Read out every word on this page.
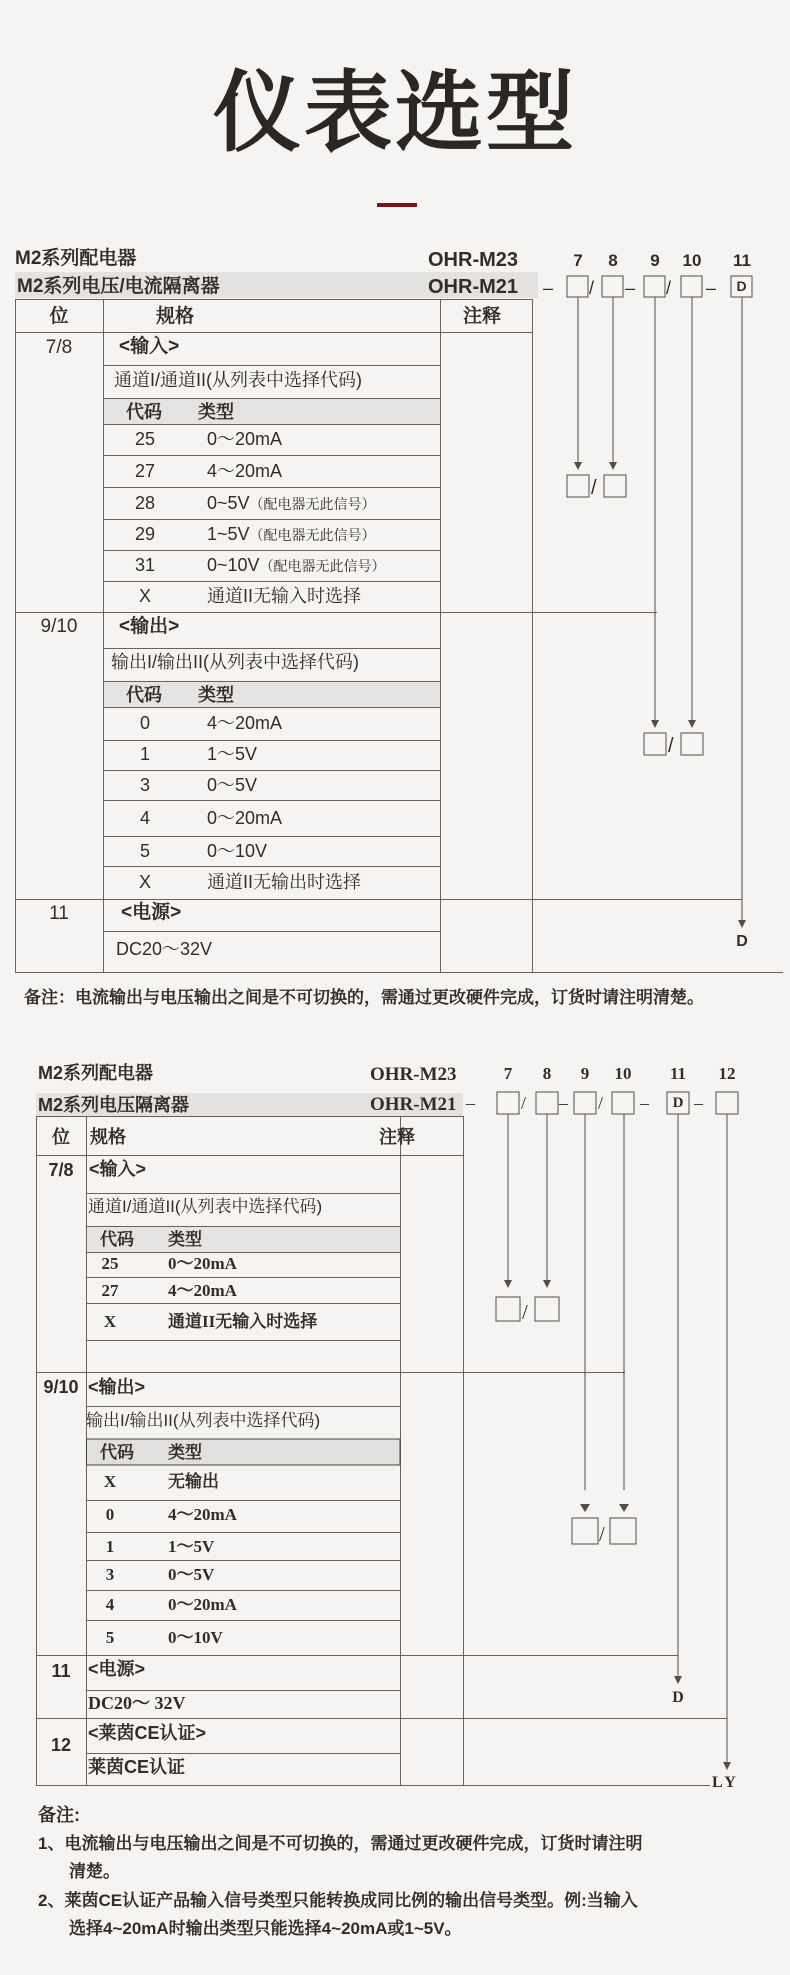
仪表选型
M2系列配电器
M2系列电压/电流隔离器
OHR-M23
OHR-M21
7	8	9	10	11
– / – / –	D
位	规格	注释
7/8	<输入>
通道I/通道II(从列表中选择代码)
代码 类型
25	0～20mA
27	4～20mA
28	0~5V（配电器无此信号）
29	1~5V（配电器无此信号）
31	0~10V（配电器无此信号）
X	通道II无输入时选择
9/10	<输出>
输出I/输出II(从列表中选择代码)
代码 类型
0	4～20mA
1	1～5V
3	0～5V
4	0～20mA
5	0～10V
X	通道II无输出时选择
11	<电源>
DC20～32V
/
/
D
备注：电流输出与电压输出之间是不可切换的，需通过更改硬件完成，订货时请注明清楚。
M2系列配电器
M2系列电压隔离器
OHR-M23
OHR-M21
7	8	9	10	11	12
–	/ – / –	–
D
位	规格	注释
7/8 <输入>
通道I/通道II(从列表中选择代码)
代码 类型
25	0～20mA
27	4～20mA
X	通道II无输入时选择
9/10 <输出>
输出I/输出II(从列表中选择代码)
代码 类型
X	无输出
0	4～20mA
1	1～5V
3	0～5V
4	0～20mA
5	0～10V
11 <电源>
DC20～ 32V
12
<莱茵CE认证>
莱茵CE认证
/
/
D
LY
备注:
1、电流输出与电压输出之间是不可切换的，需通过更改硬件完成，订货时请注明
清楚。
2、莱茵CE认证产品输入信号类型只能转换成同比例的输出信号类型。例:当输入
选择4~20mA时输出类型只能选择4~20mA或1~5V。
